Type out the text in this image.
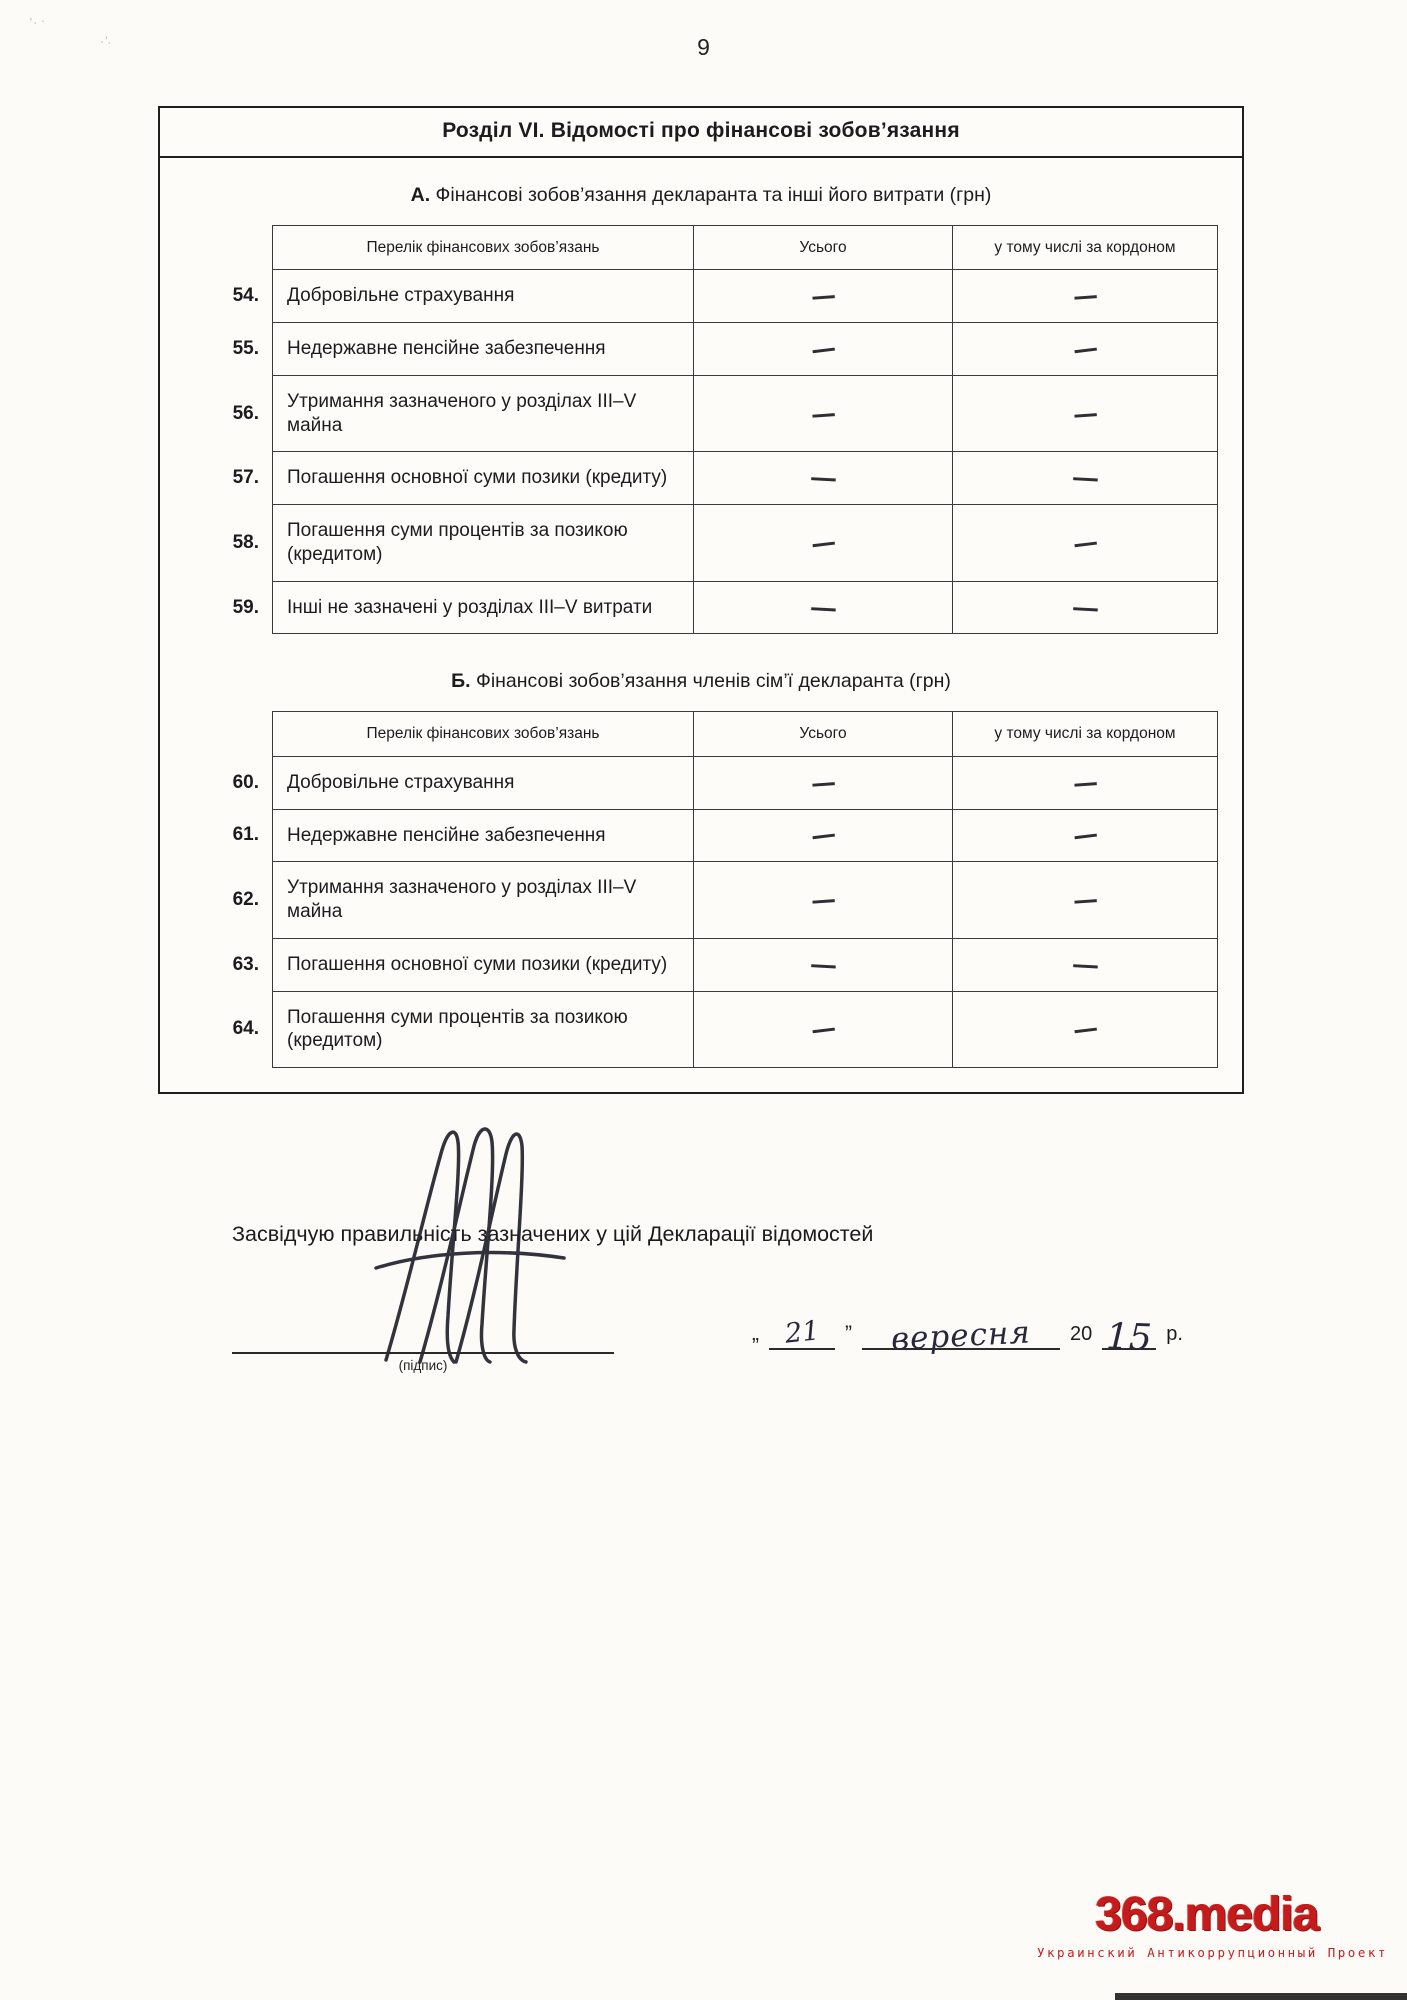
9
ʼ· ·
·ʼ·
Розділ VI. Відомості про фінансові зобов’язання
А. Фінансові зобов’язання декларанта та інші його витрати (грн)
	Перелік фінансових зобов’язань	Усього	у тому числі за кордоном
54.	Добровільне страхування	—	—
55.	Недержавне пенсійне забезпечення	—	—
56.	Утримання зазначеного у розділах III–V майна	—	—
57.	Погашення основної суми позики (кредиту)	—	—
58.	Погашення суми процентів за позикою (кредитом)	—	—
59.	Інші не зазначені у розділах III–V витрати	—	—
Б. Фінансові зобов’язання членів сім’ї декларанта (грн)
	Перелік фінансових зобов’язань	Усього	у тому числі за кордоном
60.	Добровільне страхування	—	—
61.	Недержавне пенсійне забезпечення	—	—
62.	Утримання зазначеного у розділах III–V майна	—	—
63.	Погашення основної суми позики (кредиту)	—	—
64.	Погашення суми процентів за позикою (кредитом)	—	—
Засвідчую правильність зазначених у цій Декларації відомостей
(підпис)
„ 21 ” вересня 20 15 р.
368.media
Украинский Антикоррупционный Проект
